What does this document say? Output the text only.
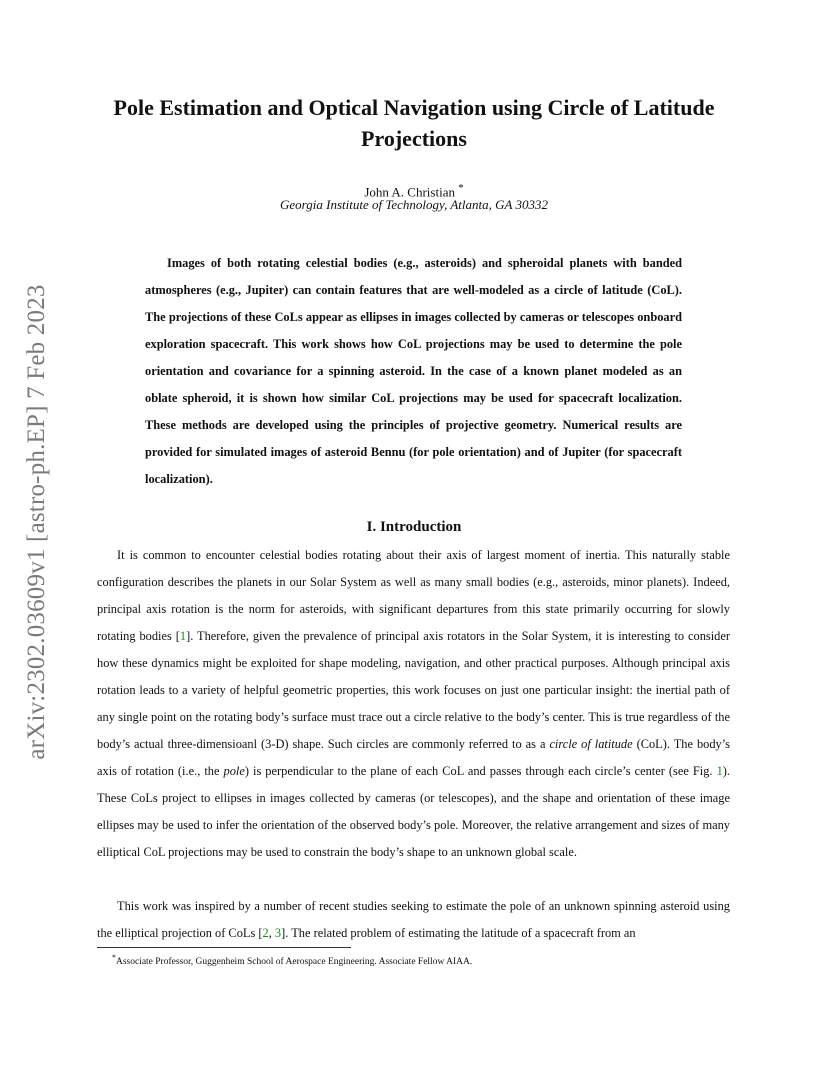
arXiv:2302.03609v1 [astro-ph.EP] 7 Feb 2023
Pole Estimation and Optical Navigation using Circle of Latitude Projections
John A. Christian *
Georgia Institute of Technology, Atlanta, GA 30332

Images of both rotating celestial bodies (e.g., asteroids) and spheroidal planets with banded atmospheres (e.g., Jupiter) can contain features that are well-modeled as a circle of latitude (CoL). The projections of these CoLs appear as ellipses in images collected by cameras or telescopes onboard exploration spacecraft. This work shows how CoL projections may be used to determine the pole orientation and covariance for a spinning asteroid. In the case of a known planet modeled as an oblate spheroid, it is shown how similar CoL projections may be used for spacecraft localization. These methods are developed using the principles of projective geometry. Numerical results are provided for simulated images of asteroid Bennu (for pole orientation) and of Jupiter (for spacecraft localization).

I. Introduction

It is common to encounter celestial bodies rotating about their axis of largest moment of inertia. This naturally stable configuration describes the planets in our Solar System as well as many small bodies (e.g., asteroids, minor planets). Indeed, principal axis rotation is the norm for asteroids, with significant departures from this state primarily occurring for slowly rotating bodies [1]. Therefore, given the prevalence of principal axis rotators in the Solar System, it is interesting to consider how these dynamics might be exploited for shape modeling, navigation, and other practical purposes. Although principal axis rotation leads to a variety of helpful geometric properties, this work focuses on just one particular insight: the inertial path of any single point on the rotating body’s surface must trace out a circle relative to the body’s center. This is true regardless of the body’s actual three-dimensioanl (3-D) shape. Such circles are commonly referred to as a circle of latitude (CoL). The body’s axis of rotation (i.e., the pole) is perpendicular to the plane of each CoL and passes through each circle’s center (see Fig. 1). These CoLs project to ellipses in images collected by cameras (or telescopes), and the shape and orientation of these image ellipses may be used to infer the orientation of the observed body’s pole. Moreover, the relative arrangement and sizes of many elliptical CoL projections may be used to constrain the body’s shape to an unknown global scale.

This work was inspired by a number of recent studies seeking to estimate the pole of an unknown spinning asteroid using the elliptical projection of CoLs [2, 3]. The related problem of estimating the latitude of a spacecraft from an

*Associate Professor, Guggenheim School of Aerospace Engineering. Associate Fellow AIAA.
